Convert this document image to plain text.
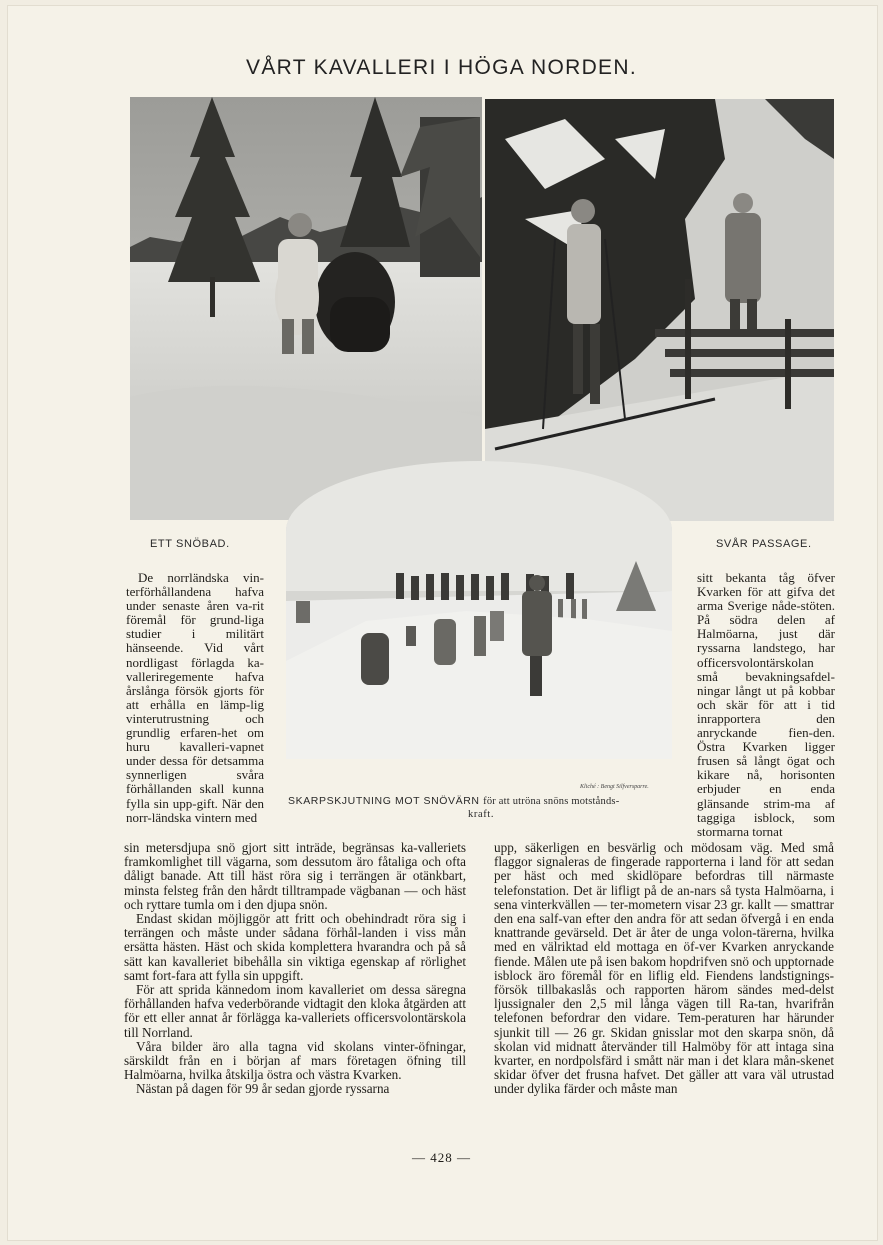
VÅRT KAVALLERI I HÖGA NORDEN.
ETT SNÖBAD.	SVÅR PASSAGE.
Kliché : Bengt Silfversparre.
SKARPSKJUTNING MOT SNÖVÄRN för att utröna snöns motstånds-
kraft.

De norrländska vin-terförhållandena hafva under senaste åren va-rit föremål för grund-liga studier i militärt hänseende. Vid vårt nordligast förlagda ka-valleriregemente hafva årslånga försök gjorts för att erhålla en lämp-lig vinterutrustning och grundlig erfaren-het om huru kavalleri-vapnet under dessa för detsamma synnerligen svåra förhållanden skall kunna fylla sin upp-gift. När den norr-ländska vintern med

sin metersdjupa snö gjort sitt inträde, begränsas ka-valleriets framkomlighet till vägarna, som dessutom äro fåtaliga och ofta dåligt banade. Att till häst röra sig i terrängen är otänkbart, minsta felsteg från den hårdt tilltrampade vägbanan — och häst och ryttare tumla om i den djupa snön.

Endast skidan möjliggör att fritt och obehindradt röra sig i terrängen och måste under sådana förhål-landen i viss mån ersätta hästen. Häst och skida komplettera hvarandra och på så sätt kan kavalleriet bibehålla sin viktiga egenskap af rörlighet samt fort-fara att fylla sin uppgift.

För att sprida kännedom inom kavalleriet om dessa säregna förhållanden hafva vederbörande vidtagit den kloka åtgärden att för ett eller annat år förlägga ka-valleriets officersvolontärskola till Norrland.

Våra bilder äro alla tagna vid skolans vinter-öfningar, särskildt från en i början af mars företagen öfning till Halmöarna, hvilka åtskilja östra och västra Kvarken.

Nästan på dagen för 99 år sedan gjorde ryssarna

sitt bekanta tåg öfver Kvarken för att gifva det arma Sverige nåde-stöten. På södra delen af Halmöarna, just där ryssarna landstego, har officersvolontärskolan små bevakningsafdel-ningar långt ut på kobbar och skär för att i tid inrapportera den anryckande fien-den. Östra Kvarken ligger frusen så långt ögat och kikare nå, horisonten erbjuder en enda glänsande strim-ma af taggiga isblock, som stormarna tornat

upp, säkerligen en besvärlig och mödosam väg. Med små flaggor signaleras de fingerade rapporterna i land för att sedan per häst och med skidlöpare befordras till närmaste telefonstation. Det är lifligt på de an-nars så tysta Halmöarna, i sena vinterkvällen — ter-mometern visar 23 gr. kallt — smattrar den ena salf-van efter den andra för att sedan öfvergå i en enda knattrande gevärseld. Det är åter de unga volon-tärerna, hvilka med en välriktad eld mottaga en öf-ver Kvarken anryckande fiende. Målen ute på isen bakom hopdrifven snö och upptornade isblock äro föremål för en liflig eld. Fiendens landstignings-försök tillbakaslås och rapporten härom sändes med-delst ljussignaler den 2,5 mil långa vägen till Ra-tan, hvarifrån telefonen befordrar den vidare. Tem-peraturen har härunder sjunkit till — 26 gr. Skidan gnisslar mot den skarpa snön, då skolan vid midnatt återvänder till Halmöby för att intaga sina kvarter, en nordpolsfärd i smått när man i det klara mån-skenet skidar öfver det frusna hafvet. Det gäller att vara väl utrustad under dylika färder och måste man

— 428 —
